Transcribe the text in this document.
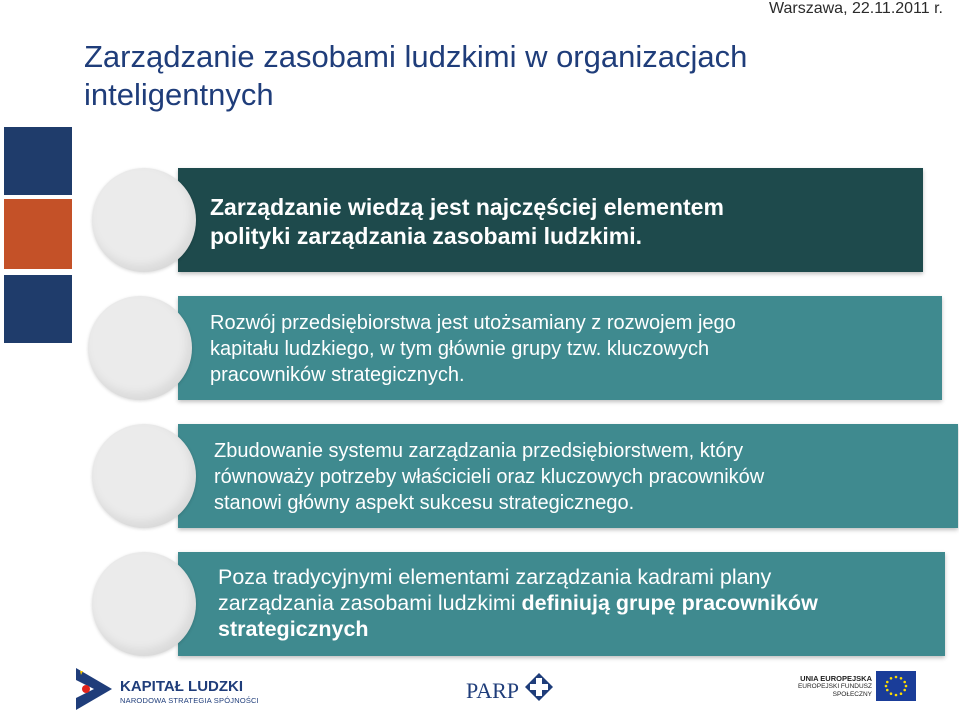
Warszawa, 22.11.2011 r.
Zarządzanie zasobami ludzkimi w organizacjach
inteligentnych
Zarządzanie wiedzą jest najczęściej elementem
polityki zarządzania zasobami ludzkimi.
Rozwój przedsiębiorstwa jest utożsamiany z rozwojem jego
kapitału ludzkiego, w tym głównie grupy tzw. kluczowych
pracowników strategicznych.
Zbudowanie systemu zarządzania przedsiębiorstwem, który
równoważy potrzeby właścicieli oraz kluczowych pracowników
stanowi główny aspekt sukcesu strategicznego.
Poza tradycyjnymi elementami zarządzania kadrami plany
zarządzania zasobami ludzkimi definiują grupę pracowników
strategicznych
KAPITAŁ LUDZKI
NARODOWA STRATEGIA SPÓJNOŚCI	PARP	UNIA EUROPEJSKA
EUROPEJSKI FUNDUSZ
SPOŁECZNY
